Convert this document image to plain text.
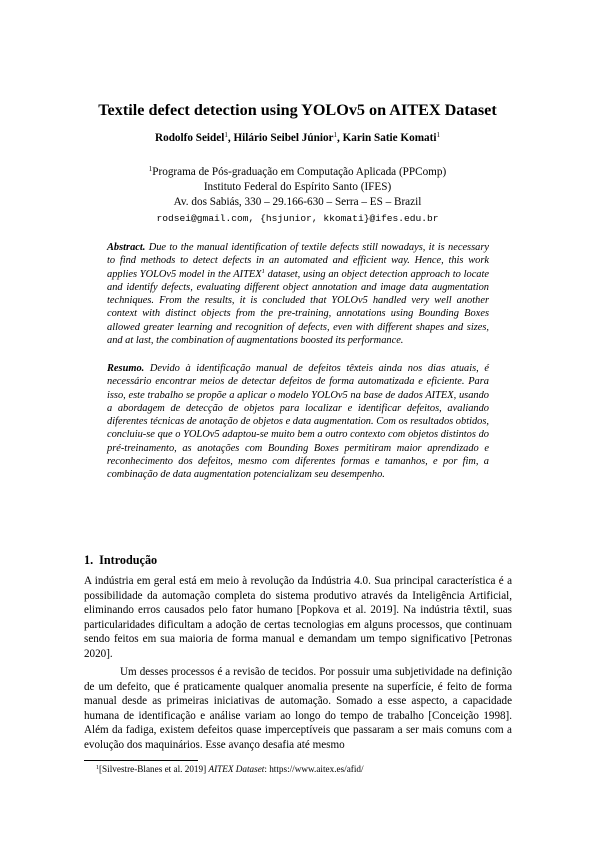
Textile defect detection using YOLOv5 on AITEX Dataset
Rodolfo Seidel$^1$, Hilário Seibel Júnior$^1$, Karin Satie Komati$^1$
$^1$Programa de Pós-graduação em Computação Aplicada (PPComp)
Instituto Federal do Espírito Santo (IFES)
Av. dos Sabiás, 330 – 29.166-630 – Serra – ES – Brazil
rodsei@gmail.com, {hsjunior, kkomati}@ifes.edu.br

Abstract. Due to the manual identification of textile defects still nowadays, it is necessary to find methods to detect defects in an automated and efficient way. Hence, this work applies YOLOv5 model in the AITEX$^1$ dataset, using an object detection approach to locate and identify defects, evaluating different object annotation and image data augmentation techniques. From the results, it is concluded that YOLOv5 handled very well another context with distinct objects from the pre-training, annotations using Bounding Boxes allowed greater learning and recognition of defects, even with different shapes and sizes, and at last, the combination of augmentations boosted its performance.

Resumo. Devido à identificação manual de defeitos têxteis ainda nos dias atuais, é necessário encontrar meios de detectar defeitos de forma automatizada e eficiente. Para isso, este trabalho se propõe a aplicar o modelo YOLOv5 na base de dados AITEX, usando a abordagem de detecção de objetos para localizar e identificar defeitos, avaliando diferentes técnicas de anotação de objetos e data augmentation. Com os resultados obtidos, concluiu-se que o YOLOv5 adaptou-se muito bem a outro contexto com objetos distintos do pré-treinamento, as anotações com Bounding Boxes permitiram maior aprendizado e reconhecimento dos defeitos, mesmo com diferentes formas e tamanhos, e por fim, a combinação de data augmentation potencializam seu desempenho.

1. Introdução

A indústria em geral está em meio à revolução da Indústria 4.0. Sua principal característica é a possibilidade da automação completa do sistema produtivo através da Inteligência Artificial, eliminando erros causados pelo fator humano [Popkova et al. 2019]. Na indústria têxtil, suas particularidades dificultam a adoção de certas tecnologias em alguns processos, que continuam sendo feitos em sua maioria de forma manual e demandam um tempo significativo [Petronas 2020].

Um desses processos é a revisão de tecidos. Por possuir uma subjetividade na definição de um defeito, que é praticamente qualquer anomalia presente na superfície, é feito de forma manual desde as primeiras iniciativas de automação. Somado a esse aspecto, a capacidade humana de identificação e análise variam ao longo do tempo de trabalho [Conceição 1998]. Além da fadiga, existem defeitos quase imperceptíveis que passaram a ser mais comuns com a evolução dos maquinários. Esse avanço desafia até mesmo

$^1$[Silvestre-Blanes et al. 2019] AITEX Dataset: https://www.aitex.es/afid/
